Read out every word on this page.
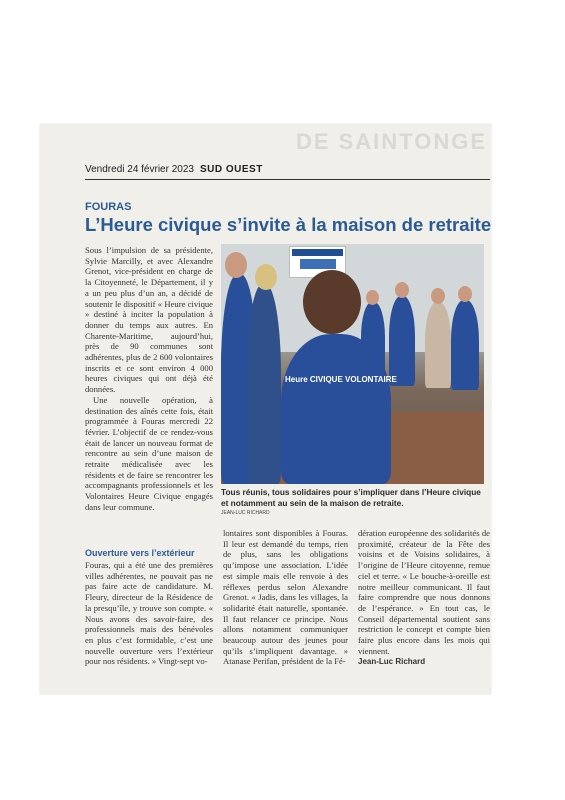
DE SAINTONGE
Vendredi 24 février 2023 SUD OUEST
FOURAS
L’Heure civique s’invite à la maison de retraite

Sous l’impulsion de sa présidente, Sylvie Marcilly, et avec Alexandre Grenot, vice-président en charge de la Citoyenneté, le Département, il y a un peu plus d’un an, a décidé de soutenir le dispositif « Heure civique » destiné à inciter la population à donner du temps aux autres. En Charente-Maritime, aujourd’hui, près de 90 communes sont adhérentes, plus de 2 600 volontaires inscrits et ce sont environ 4 000 heures civiques qui ont déjà été données.

Une nouvelle opération, à destination des aînés cette fois, était programmée à Fouras mercredi 22 février. L’objectif de ce rendez-vous était de lancer un nouveau format de rencontre au sein d’une maison de retraite médicalisée avec les résidents et de faire se rencontrer les accompagnants professionnels et les Volontaires Heure Civique engagés dans leur commune.

Heure CIVIQUE VOLONTAIRE
Tous réunis, tous solidaires pour s’impliquer dans l’Heure civique et notamment au sein de la maison de retraite.
JEAN-LUC RICHARD
Ouverture vers l’extérieur

Fouras, qui a été une des premières villes adhérentes, ne pouvait pas ne pas faire acte de candidature. M. Fleury, directeur de la Résidence de la presqu’île, y trouve son compte. « Nous avons des savoir-faire, des professionnels mais des bénévoles en plus c’est formidable, c’est une nouvelle ouverture vers l’extérieur pour nos résidents. » Vingt-sept vo-

lontaires sont disponibles à Fouras. Il leur est demandé du temps, rien de plus, sans les obligations qu’impose une association. L’idée est simple mais elle renvoie à des réflexes perdus selon Alexandre Grenot. « Jadis, dans les villages, la solidarité était naturelle, spontanée. Il faut relancer ce principe. Nous allons notamment communiquer beaucoup autour des jeunes pour qu’ils s’impliquent davantage. » Atanase Perifan, président de la Fé-

dération européenne des solidarités de proximité, créateur de la Fête des voisins et de Voisins solidaires, à l’origine de l’Heure citoyenne, remue ciel et terre. « Le bouche-à-oreille est notre meilleur communicant. Il faut faire comprendre que nous donnons de l’espérance. » En tout cas, le Conseil départemental soutient sans restriction le concept et compte bien faire plus encore dans les mois qui viennent.

Jean-Luc Richard
